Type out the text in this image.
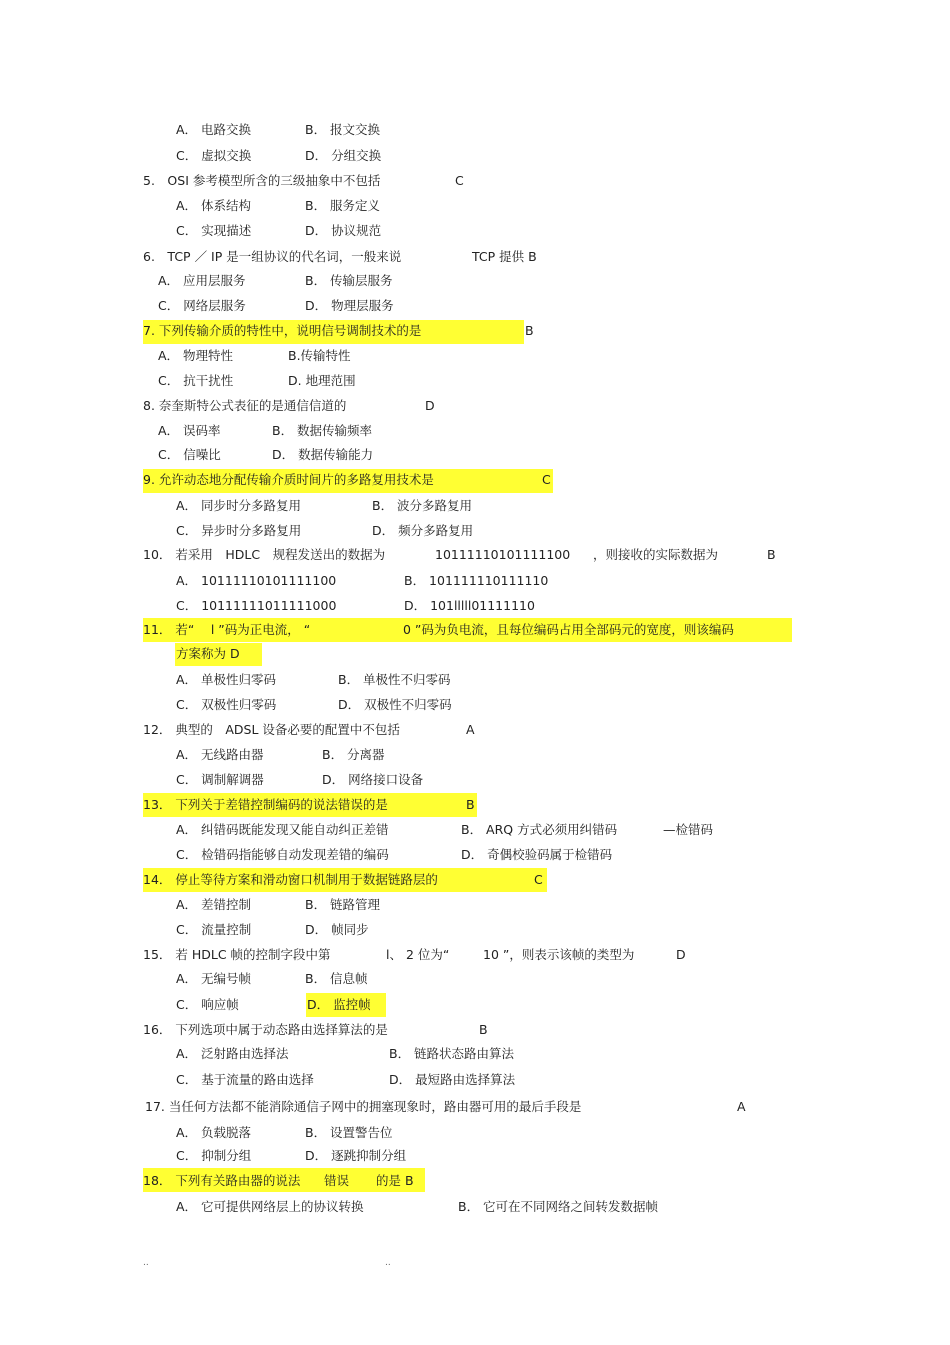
A． 电路交换	B． 报文交换
C． 虚拟交换	D． 分组交换
5.　OSI 参考模型所含的三级抽象中不包括	C
A． 体系结构	B． 服务定义
C． 实现描述	D． 协议规范
6.　TCP ／ IP 是一组协议的代名词，一般来说	TCP 提供 B
A． 应用层服务	B． 传输层服务
C． 网络层服务	D． 物理层服务
7. 下列传输介质的特性中，说明信号调制技术的是	B
A． 物理特性	B.传输特性
C． 抗干扰性	D. 地理范围
8. 奈奎斯特公式表征的是通信信道的	D
A． 误码率	B． 数据传输频率
C． 信噪比	D． 数据传输能力
9. 允许动态地分配传输介质时间片的多路复用技术是	C
A． 同步时分多路复用	B． 波分多路复用
C． 异步时分多路复用	D． 频分多路复用
10． 若采用　HDLC　规程发送出的数据为	10111110101111100 ，则接收的实际数据为	B
A． 10111110101111100	B． 101111110111110
C． 10111111011111000	D． 101lllll01111110
11． 若“　 l ”码为正电流， “	0 ”码为负电流，且每位编码占用全部码元的宽度，则该编码
方案称为 D
A． 单极性归零码	B． 单极性不归零码
C． 双极性归零码	D． 双极性不归零码
12． 典型的　ADSL 设备必要的配置中不包括	A
A． 无线路由器	B． 分离器
C． 调制解调器	D． 网络接口设备
13． 下列关于差错控制编码的说法错误的是	B
A． 纠错码既能发现又能自动纠正差错	B． ARQ 方式必须用纠错码	—检错码
C． 检错码指能够自动发现差错的编码	D． 奇偶校验码属于检错码
14． 停止等待方案和滑动窗口机制用于数据链路层的	C
A． 差错控制	B． 链路管理
C． 流量控制	D． 帧同步
15． 若 HDLC 帧的控制字段中第	l、 2 位为“	10 ”，则表示该帧的类型为	D
A． 无编号帧	B． 信息帧
C． 响应帧	D． 监控帧
16． 下列选项中属于动态路由选择算法的是	B
A． 泛射路由选择法	B． 链路状态路由算法
C． 基于流量的路由选择	D． 最短路由选择算法
17. 当任何方法都不能消除通信子网中的拥塞现象时，路由器可用的最后手段是	A
A． 负载脱落	B． 设置警告位
C． 抑制分组	D． 逐跳抑制分组
18． 下列有关路由器的说法 错误 的是 B
A． 它可提供网络层上的协议转换	B． 它可在不同网络之间转发数据帧
..	..
